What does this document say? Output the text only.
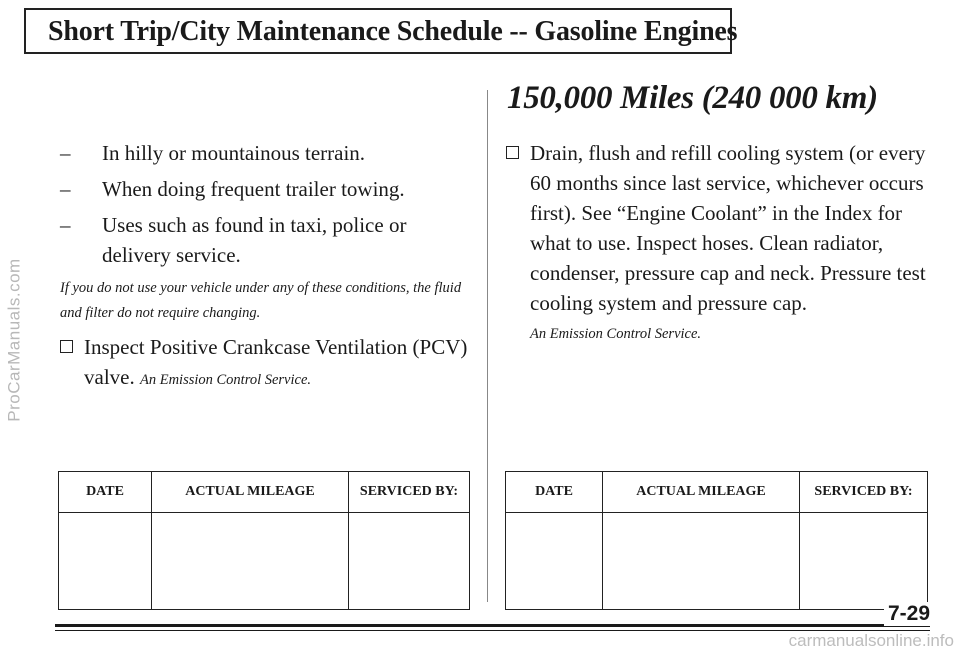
ProCarManuals.com
Short Trip/City Maintenance Schedule -- Gasoline Engines
–	In hilly or mountainous terrain.
–	When doing frequent trailer towing.
–	Uses such as found in taxi, police or delivery service.

If you do not use your vehicle under any of these conditions, the fluid and filter do not require changing.

Inspect Positive Crankcase Ventilation (PCV) valve. An Emission Control Service.
DATE	ACTUAL MILEAGE	SERVICED BY:

150,000 Miles (240 000 km)
Drain, flush and refill cooling system (or every 60 months since last service, whichever occurs first). See “Engine Coolant” in the Index for what to use. Inspect hoses. Clean radiator, condenser, pressure cap and neck. Pressure test cooling system and pressure cap.
An Emission Control Service.
DATE	ACTUAL MILEAGE	SERVICED BY:

7-29
carmanualsonline.info
